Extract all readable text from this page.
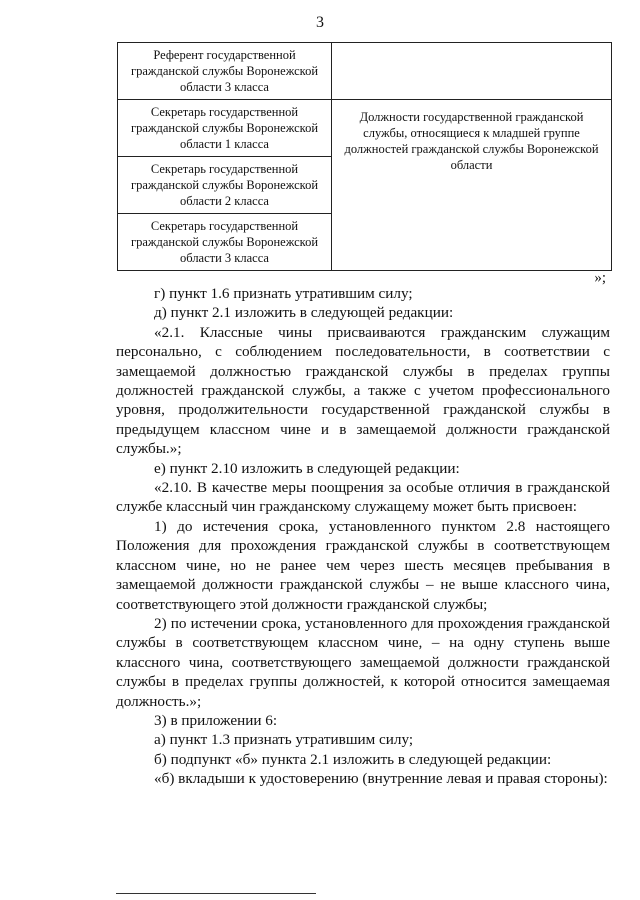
3
Референт государственной гражданской службы Воронежской области 3 класса	
Секретарь государственной гражданской службы Воронежской области 1 класса	Должности государственной гражданской службы, относящиеся к младшей группе должностей гражданской службы Воронежской области
Секретарь государственной гражданской службы Воронежской области 2 класса	
Секретарь государственной гражданской службы Воронежской области 3 класса	
»;

г) пункт 1.6 признать утратившим силу;

д) пункт 2.1 изложить в следующей редакции:

«2.1. Классные чины присваиваются гражданским служащим персонально, с соблюдением последовательности, в соответствии с замещаемой должностью гражданской службы в пределах группы должностей гражданской службы, а также с учетом профессионального уровня, продолжительности государственной гражданской службы в предыдущем классном чине и в замещаемой должности гражданской службы.»;

е) пункт 2.10 изложить в следующей редакции:

«2.10. В качестве меры поощрения за особые отличия в гражданской службе классный чин гражданскому служащему может быть присвоен:

1) до истечения срока, установленного пунктом 2.8 настоящего Положения для прохождения гражданской службы в соответствующем классном чине, но не ранее чем через шесть месяцев пребывания в замещаемой должности гражданской службы – не выше классного чина, соответствующего этой должности гражданской службы;

2) по истечении срока, установленного для прохождения гражданской службы в соответствующем классном чине, – на одну ступень выше классного чина, соответствующего замещаемой должности гражданской службы в пределах группы должностей, к которой относится замещаемая должность.»;

3) в приложении 6:

а) пункт 1.3 признать утратившим силу;

б) подпункт «б» пункта 2.1 изложить в следующей редакции:

«б) вкладыши к удостоверению (внутренние левая и правая стороны):
